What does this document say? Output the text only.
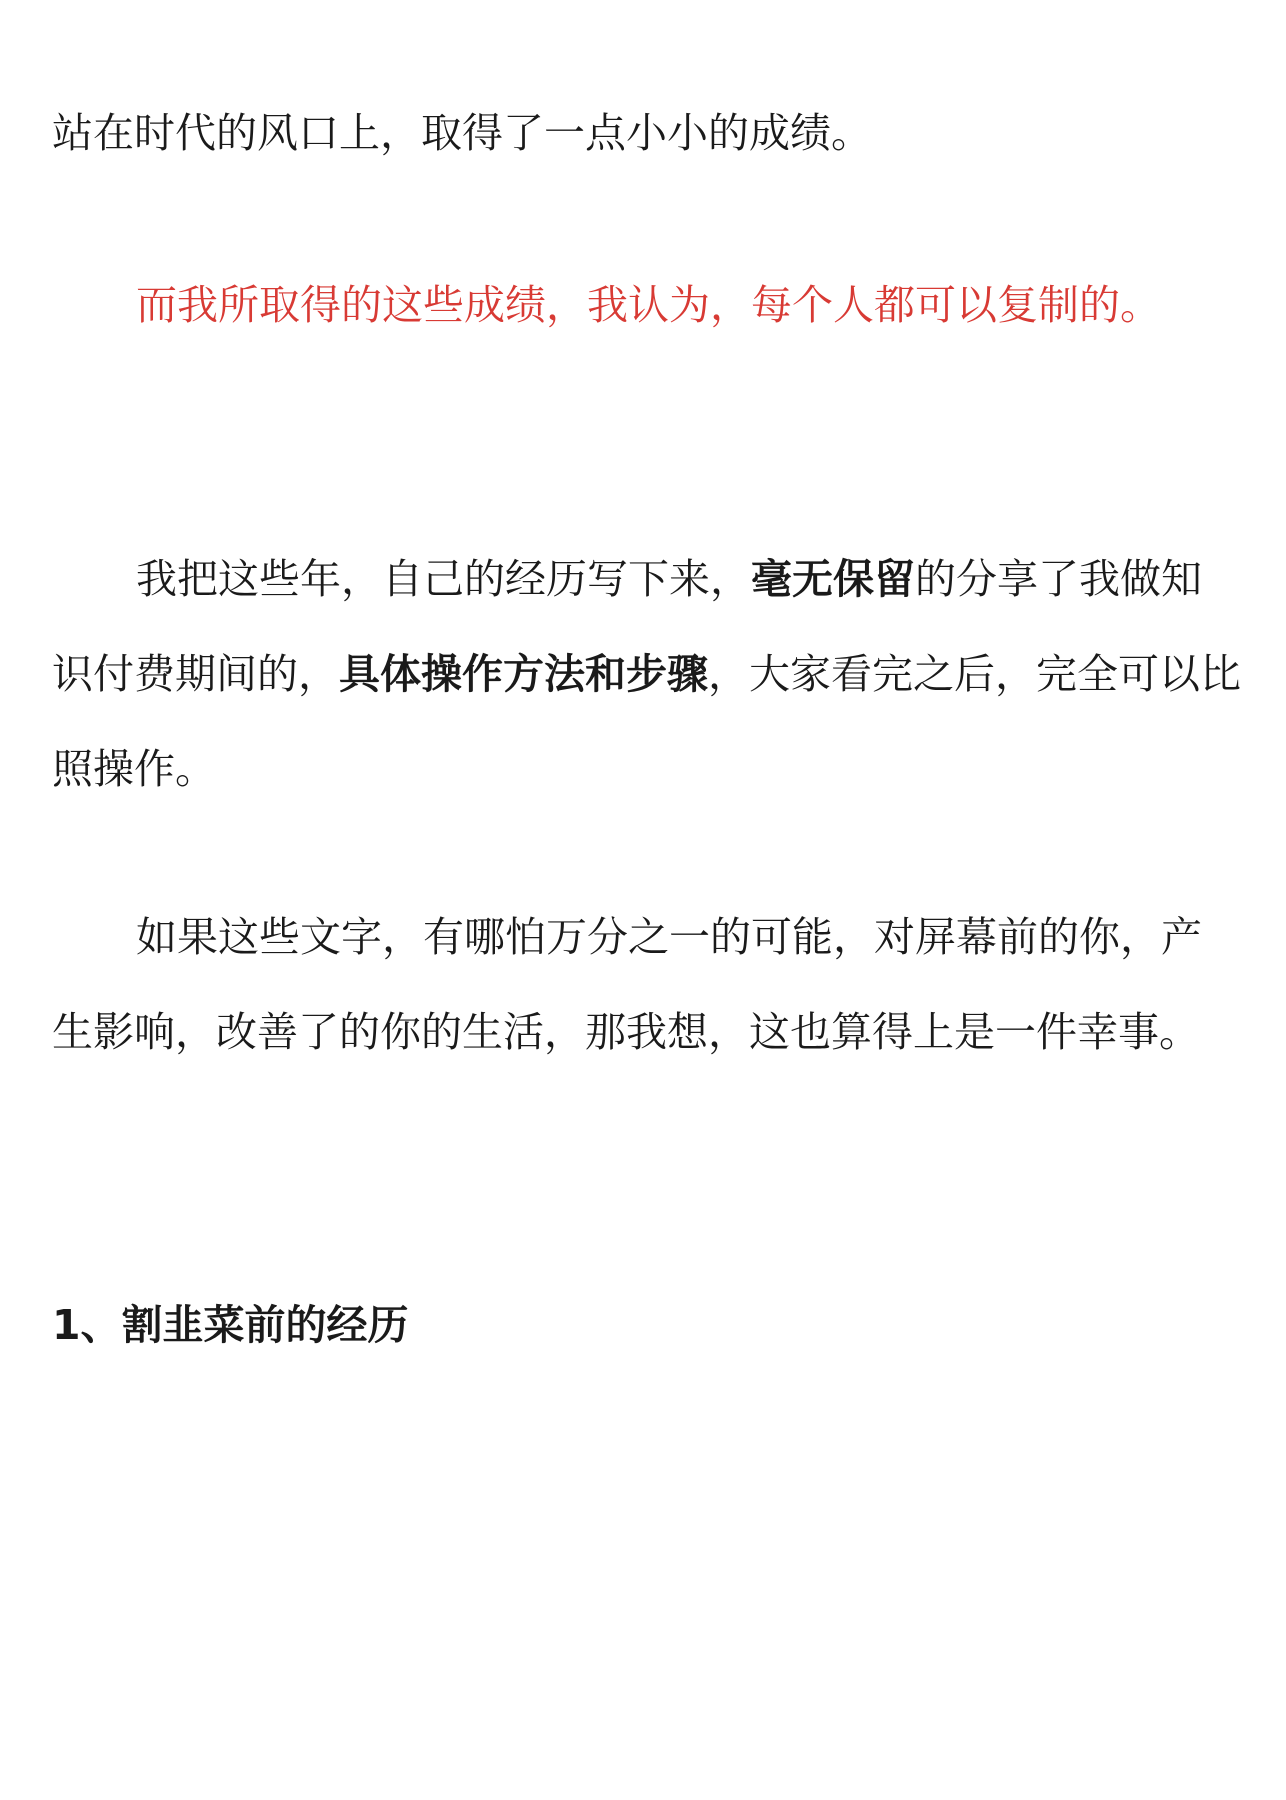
站在时代的风口上，取得了一点小小的成绩。

而我所取得的这些成绩，我认为，每个人都可以复制的。

我把这些年，自己的经历写下来，毫无保留的分享了我做知识付费期间的，具体操作方法和步骤，大家看完之后，完全可以比照操作。

如果这些文字，有哪怕万分之一的可能，对屏幕前的你，产生影响，改善了的你的生活，那我想，这也算得上是一件幸事。

1、割韭菜前的经历
